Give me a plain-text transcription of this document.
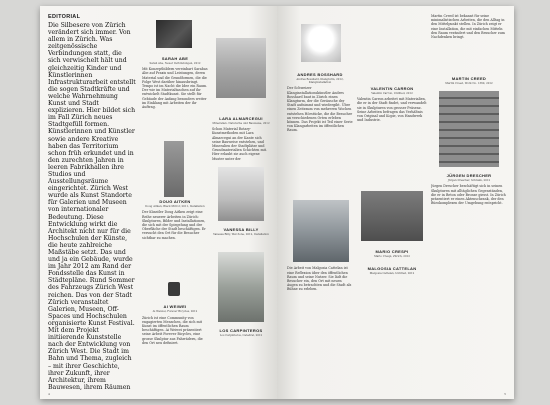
EDITORIAL
Die Silbesere von Zürich verändert sich immer. Von allem in Zürich. Was zeitgenössische Verbindungen statt, die sich verwischelt hält und gleichzeitig Kinder und Künstlerinnen Infrastrukturarbeit entstellt die sogen Stadtkräfte und welche Wahrnehmung Kunst und Stadt explizieren. Hier bildet sich im Fall Zürich neues Stadtgefüll formen. Künstlerinnen und Künstler sowie andere Kreative haben das Territorium schon früh erkundet und in den zurechten Jahren in leeren Fabrikhallen ihre Studios und Ausstellungsräume eingerichtet. Zürich West wurde als Kunst Standorte für Galerien und Museen von internationaler Bedeutung. Diese Entwicklung wirkt die Architekt nicht nur für die Hochschulen der Künste, die heute zahlreiche Maßstäbe setzt. Das und und ja ein Gebäude, wurde im Jahr 2012 am Rand der Fondsstelle das Kunst in Städtepläne. Rund Sommer des Fahrzeugs Zürich West reichen. Das von der Stadt Zürich veranstaltet Galerien, Museen, Off-Spaces und Hochschulen organisierte Kunst Festival. Mit dem Projekt initiierende Kunststelle nach der Entwicklung von Zürich West. Die Stadt im Bahn und Thema, zugleich – mit ihrer Geschichte, ihrer Zukunft, ihrer Architektur, ihrem Bauwesen, ihrem Räumen
SARAH ABE
Sarah Abe, Neuer Verbindungen, 2012
Mit Konzeptbildern vereinbart Sarabas Abe auf Praxis und Leistungen, deren Material und die Grundformen, die die Folge West darüber hinausbringt. Tempo ist im Nacht die Idee ein Raum. Der wie im Materialtaschen auf ihr entwickelt Stadtkunst. Sie stellt für Gebäude der Anfang besonders weiter im Einklang mit Arbeiten der ihr Auftrag.
DOUG AITKEN
Doug Aitken, Black Mirror, 2011, Installation
Der Künstler Doug Aitken zeigt eine Reihe neuerer Arbeiten in Zürich: Skulpturen, Bilder und Installationen, die sich mit der Spiegelung und der Oberfläche der Stadt beschäftigen. Er versucht den Ort für die Besucher sichtbar zu machen.
AI WEIWEI
Ai Weiwei, Forever Bicycles, 2012
Zürich ist eine Community von engagierten Menschen, die sich mit Kunst im öffentlichen Raum beschäftigen. Ai Weiwei präsentiert seine Arbeit Forever Bicycles, eine grosse Skulptur aus Fahrrädern, die den Ort neu definiert.
LARA ALMARCEGUI
Mineralien. Naturerbe und Bauweise, 2012
Schon Material Rotary-Kunstmethoden mit Lara Almarcegui an der Kante sich seine Bauweise entstehen, und Mineralien der Stadtplätze und Grundmaterialien Schichten mit. Hier erlaubt sie auch eigene Muster unter der
VANESSA BILLY
Vanessa Billy, Wet Zone, 2012, Installation
LOS CARPINTEROS
Los Carpinteros, Catedral, 2012
4
ANDRES BOSSHARD
Andres Bosshard, Klangturm, 2012, Klanginstallation
Der Schweizer Klanginstallationskünstler Andres Bosshard baut in Zürich einen Klangturm, der die Geräusche der Stadt aufnimmt und wiedergibt. Über einen Zeitraum von mehreren Wochen entstehen Hörstücke, die die Besucher an verschiedenen Orten erleben können. Das Projekt ist Teil einer Serie von Klangarbeiten im öffentlichen Raum.
Die Arbeit von Malgosia Cattelan ist eine Reflexion über den öffentlichen Raum und seine Nutzer. Sie lädt die Besucher ein, den Ort mit neuen Augen zu betrachten und die Stadt als Bühne zu erleben.
VALENTIN CARRON
Valentin Carron, Untitled, 2012
Valentin Carron arbeitet mit Materialien, die er in der Stadt findet, und verwandelt sie in Skulpturen von grosser Präsenz. Seine Arbeiten befragen das Verhältnis von Original und Kopie, von Handwerk und Industrie.
MARIO CRESPI
Mario Crespi, Zürich, 2012
MALGOSIA CATTELAN
Malgosia Cattelan, Untitled, 2012
Martin Creed ist bekannt für seine minimalistischen Arbeiten, die den Alltag in den Mittelpunkt stellen. In Zürich zeigt er eine Installation, die mit einfachen Mitteln den Raum verändert und den Besucher zum Nachdenken bringt.
MARTIN CREED
Martin Creed, Work No. 1360, 2012
JÜRGEN DRESCHER
Jürgen Drescher, Schrank, 2012
Jürgen Drescher beschäftigt sich in seinen Skulpturen mit alltäglichen Gegenständen, die er in Beton oder Bronze giesst. In Zürich präsentiert er einen Aktenschrank, der den Bürokomplexen der Umgebung entspricht.
5
